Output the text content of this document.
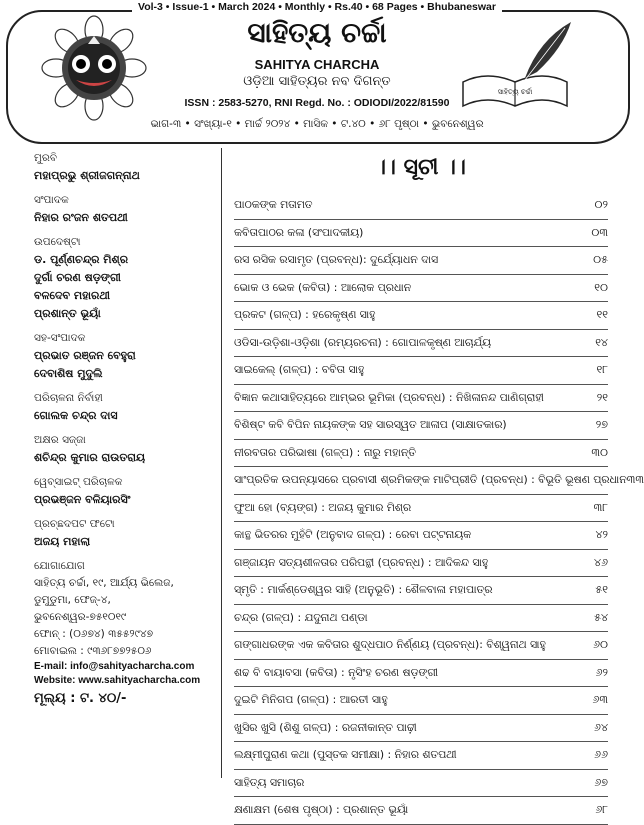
Vol-3 • Issue-1 • March 2024 • Monthly • Rs.40 • 68 Pages • Bhubaneswar
ସାହିତ୍ୟ ଚର୍ଚ୍ଚା
SAHITYA CHARCHA
ଓଡ଼ିଆ ସାହିତ୍ୟର ନବ ଦିଗନ୍ତ
ISSN : 2583-5270, RNI Regd. No. : ODIODI/2022/81590
ସାହିତ୍ୟ ଚର୍ଚ୍ଚା
ଭାଗ-୩ • ସଂଖ୍ୟା-୧ • ମାର୍ଚ୍ଚ ୨୦୨୪ • ମାସିକ • ଟ.୪୦ • ୬୮ ପୃଷ୍ଠା • ଭୁବନେଶ୍ୱର
ମୁରବି
ମହାପ୍ରଭୁ ଶ୍ରୀଜଗନ୍ନାଥ
ସଂପାଦକ
ନିହାର ରଂଜନ ଶତପଥୀ
ଉପଦେଷ୍ଟା
ଡ. ପୂର୍ଣ୍ଣଚନ୍ଦ୍ର ମିଶ୍ର
ଦୁର୍ଗା ଚରଣ ଷଡ଼ଙ୍ଗୀ
ବଳଦେବ ମହାରଥୀ
ପ୍ରଶାନ୍ତ ଭୂୟାଁ
ସହ-ସଂପାଦକ
ପ୍ରଭାତ ରଞ୍ଜନ ବେହୁରା
ଦେବାଶିଷ ମୁଦୁଲି
ପରିଚାଳନା ନିର୍ବାହୀ
ଗୋଲକ ଚନ୍ଦ୍ର ଦାସ
ଅକ୍ଷର ସଜ୍ଜା
ଶଚିନ୍ଦ୍ର କୁମାର ରାଉତରାୟ
ୱେବ୍‌ସାଇଟ୍ ପରିଚାଳକ
ପ୍ରଭଞ୍ଜନ ବଳିୟାରସିଂ
ପ୍ରଚ୍ଛଦପଟ ଫଟୋ
ଅଜୟ ମହାଲା
ଯୋଗାଯୋଗ
ସାହିତ୍ୟ ଚର୍ଚ୍ଚା, ୧୯, ଆର୍ଯ୍ୟ ଭିଲେଜ,
ଡୁମୁଡୁମା, ଫେଜ୍-୪,
ଭୁବନେଶ୍ୱର-୭୫୧୦୧୯
ଫୋନ୍ : (୦୬୭୪) ୩୫୫୨୯୪୭
ମୋବାଇଲ : ୯୩୬୮୭୭୨୫୦୬
E-mail: info@sahityacharcha.com
Website: www.sahityacharcha.com
ମୂଲ୍ୟ : ଟ. ୪୦/-
।। ସୂଚୀ ।।
ପାଠକଙ୍କ ମତାମତ	୦୨
କବିତାପାଠର କଳା (ସଂପାଦକୀୟ)	୦୩
ରସ ରସିକ ରସାମୃତ (ପ୍ରବନ୍ଧ): ଦୁର୍ଯ୍ୟୋଧନ ଦାସ	୦୫
ଭୋକ ଓ ଭେକ (କବିତା) : ଆଲୋକ ପ୍ରଧାନ	୧୦
ପ୍ରକଟ (ଗଳ୍ପ) : ହରେକୃଷ୍ଣ ସାହୁ	୧୧
ଓଡିସା-ଉଡ଼ିଶା-ଓଡ଼ିଶା (ରମ୍ୟରଚନା) : ଗୋପାଳକୃଷ୍ଣ ଆଚାର୍ଯ୍ୟ	୧୪
ସାଇକେଲ୍ (ଗଳ୍ପ) : ବବିତା ସାହୁ	୧୮
ବିଜ୍ଞାନ କଥାସାହିତ୍ୟରେ ଆମ୍ଭର ଭୂମିକା (ପ୍ରବନ୍ଧ) : ନିଖିଳାନନ୍ଦ ପାଣିଗ୍ରାହୀ	୨୧
ବିଶିଷ୍ଟ କବି ବିପିନ ନାୟକଙ୍କ ସହ ସାରସ୍ୱତ ଆଳାପ (ସାକ୍ଷାତକାର)	୨୭
ନୀରବତାର ପରିଭାଷା (ଗଳ୍ପ) : ନାରୁ ମହାନ୍ତି	୩୦
ସାଂପ୍ରତିକ ଉପନ୍ୟାସରେ ପ୍ରବାସୀ ଶ୍ରମିକଙ୍କ ମାଟିପ୍ରୀତି (ପ୍ରବନ୍ଧ) : ବିଭୂତି ଭୂଷଣ ପ୍ରଧାନ ୩୩
ଫୁଆ ହୋ (ବ୍ୟଙ୍ଗ) : ଅଜୟ କୁମାର ମିଶ୍ର	୩୮
କାନ୍ଥ ଭିତରର ମୁହଁଟି (ଅନୁବାଦ ଗଳ୍ପ) : ରେବା ପଟ୍ଟନାୟକ	୪୨
ଗଞ୍ଜାୟନ ସତ୍ୟଶୀଳତାର ପରିପନ୍ଥୀ (ପ୍ରବନ୍ଧ) : ଆଦିକନ୍ଦ ସାହୁ	୪୬
ସ୍ମୃତି : ମାର୍କଣ୍ଡେଶ୍ୱର ସାହି (ଅନୁଭୂତି) : ଶୈଳବାଳା ମହାପାତ୍ର	୫୧
ଚନ୍ଦ୍ର (ଗଳ୍ପ) : ଯଦୁନାଥ ପଣ୍ଡା	୫୪
ଗଙ୍ଗାଧରଙ୍କ ଏକ କବିତାର ଶୁଦ୍ଧପାଠ ନିର୍ଣ୍ଣୟ (ପ୍ରବନ୍ଧ): ବିଶ୍ୱନାଥ ସାହୁ	୬୦
ଶଢ ବି ବାୟାବସା (କବିତା) : ନୃସିଂହ ଚରଣ ଷଡ଼ଙ୍ଗୀ	୬୨
ଦୁଇଟି ମିନିଗପ (ଗଳ୍ପ) : ଆରତୀ ସାହୁ	୬୩
ଖୁସିର ଖୁସି (ଶିଶୁ ଗଳ୍ପ) : ରଜନୀକାନ୍ତ ପାଢ଼ୀ	୬୪
ଲକ୍ଷ୍ମୀପୁରାଣ କଥା (ପୁସ୍ତକ ସମୀକ୍ଷା) : ନିହାର ଶତପଥୀ	୬୬
ସାହିତ୍ୟ ସମାଚାର	୬୭
କ୍ଷଣାକ୍ଷମ (ଶେଷ ପୃଷ୍ଠା) : ପ୍ରଶାନ୍ତ ଭୂୟାଁ	୬୮
